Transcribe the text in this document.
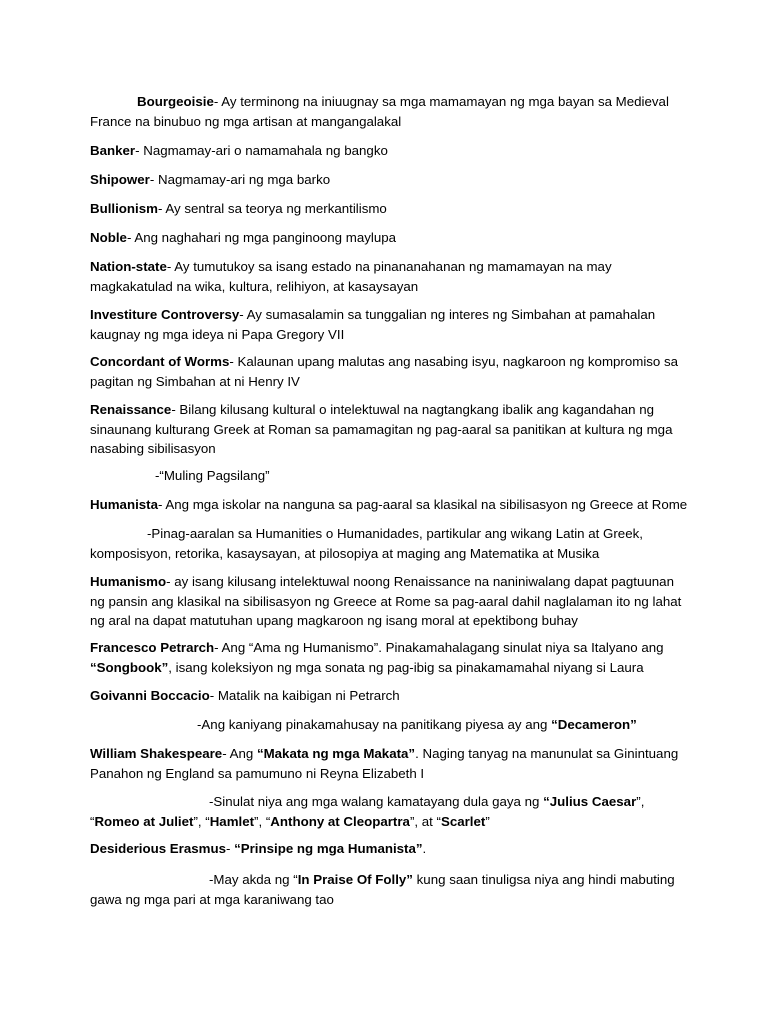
Bourgeoisie- Ay terminong na iniuugnay sa mga mamamayan ng mga bayan sa Medieval France na binubuo ng mga artisan at mangangalakal
Banker- Nagmamay-ari o namamahala ng bangko
Shipower- Nagmamay-ari ng mga barko
Bullionism- Ay sentral sa teorya ng merkantilismo
Noble- Ang naghahari ng mga panginoong maylupa
Nation-state- Ay tumutukoy sa isang estado na pinananahanan ng mamamayan na may magkakatulad na wika, kultura, relihiyon, at kasaysayan
Investiture Controversy- Ay sumasalamin sa tunggalian ng interes ng Simbahan at pamahalan kaugnay ng mga ideya ni Papa Gregory VII
Concordant of Worms- Kalaunan upang malutas ang nasabing isyu, nagkaroon ng kompromiso sa pagitan ng Simbahan at ni Henry IV
Renaissance- Bilang kilusang kultural o intelektuwal na nagtangkang ibalik ang kagandahan ng sinaunang kulturang Greek at Roman sa pamamagitan ng pag-aaral sa panitikan at kultura ng mga nasabing sibilisasyon
-“Muling Pagsilang”
Humanista- Ang mga iskolar na nanguna sa pag-aaral sa klasikal na sibilisasyon ng Greece at Rome
-Pinag-aaralan sa Humanities o Humanidades, partikular ang wikang Latin at Greek, komposisyon, retorika, kasaysayan, at pilosopiya at maging ang Matematika at Musika
Humanismo- ay isang kilusang intelektuwal noong Renaissance na naniniwalang dapat pagtuunan ng pansin ang klasikal na sibilisasyon ng Greece at Rome sa pag-aaral dahil naglalaman ito ng lahat ng aral na dapat matutuhan upang magkaroon ng isang moral at epektibong buhay
Francesco Petrarch- Ang “Ama ng Humanismo”. Pinakamahalagang sinulat niya sa Italyano ang “Songbook”, isang koleksiyon ng mga sonata ng pag-ibig sa pinakamamahal niyang si Laura
Goivanni Boccacio- Matalik na kaibigan ni Petrarch
-Ang kaniyang pinakamahusay na panitikang piyesa ay ang “Decameron”
William Shakespeare- Ang “Makata ng mga Makata”. Naging tanyag na manunulat sa Ginintuang Panahon ng England sa pamumuno ni Reyna Elizabeth I
-Sinulat niya ang mga walang kamatayang dula gaya ng “Julius Caesar”, “Romeo at Juliet”, “Hamlet”, “Anthony at Cleopartra”, at “Scarlet”
Desiderious Erasmus- “Prinsipe ng mga Humanista”.
-May akda ng “In Praise Of Folly” kung saan tinuligsa niya ang hindi mabuting gawa ng mga pari at mga karaniwang tao
